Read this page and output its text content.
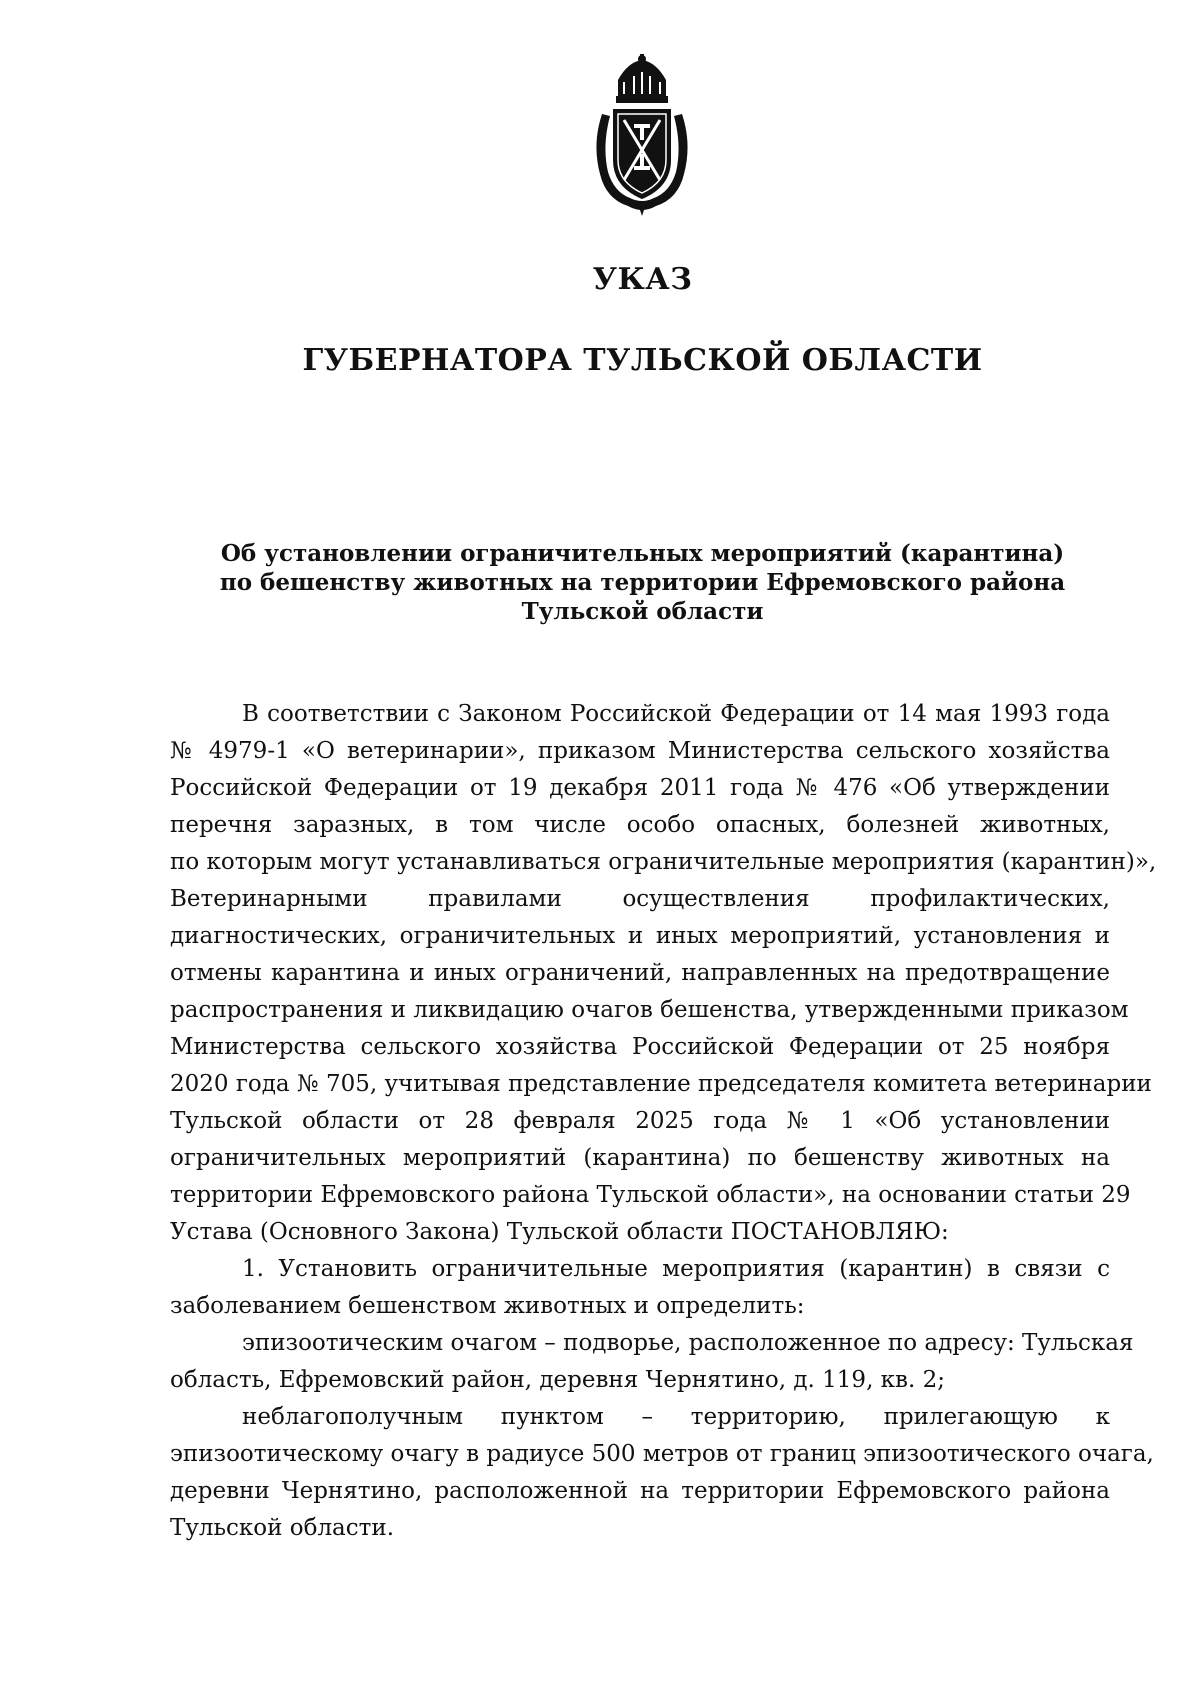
УКАЗ
ГУБЕРНАТОРА ТУЛЬСКОЙ ОБЛАСТИ
Об установлении ограничительных мероприятий (карантина)
по бешенству животных на территории Ефремовского района
Тульской области
В соответствии с Законом Российской Федерации от 14 мая 1993 года
№ 4979-1 «О ветеринарии», приказом Министерства сельского хозяйства
Российской Федерации от 19 декабря 2011 года № 476 «Об утверждении
перечня заразных, в том числе особо опасных, болезней животных,
по которым могут устанавливаться ограничительные мероприятия (карантин)»,
Ветеринарными правилами осуществления профилактических,
диагностических, ограничительных и иных мероприятий, установления и
отмены карантина и иных ограничений, направленных на предотвращение
распространения и ликвидацию очагов бешенства, утвержденными приказом
Министерства сельского хозяйства Российской Федерации от 25 ноября
2020 года № 705, учитывая представление председателя комитета ветеринарии
Тульской области от 28 февраля 2025 года № 1 «Об установлении
ограничительных мероприятий (карантина) по бешенству животных на
территории Ефремовского района Тульской области», на основании статьи 29
Устава (Основного Закона) Тульской области ПОСТАНОВЛЯЮ:
1. Установить ограничительные мероприятия (карантин) в связи с
заболеванием бешенством животных и определить:
эпизоотическим очагом – подворье, расположенное по адресу: Тульская
область, Ефремовский район, деревня Чернятино, д. 119, кв. 2;
неблагополучным пунктом – территорию, прилегающую к
эпизоотическому очагу в радиусе 500 метров от границ эпизоотического очага,
деревни Чернятино, расположенной на территории Ефремовского района
Тульской области.
